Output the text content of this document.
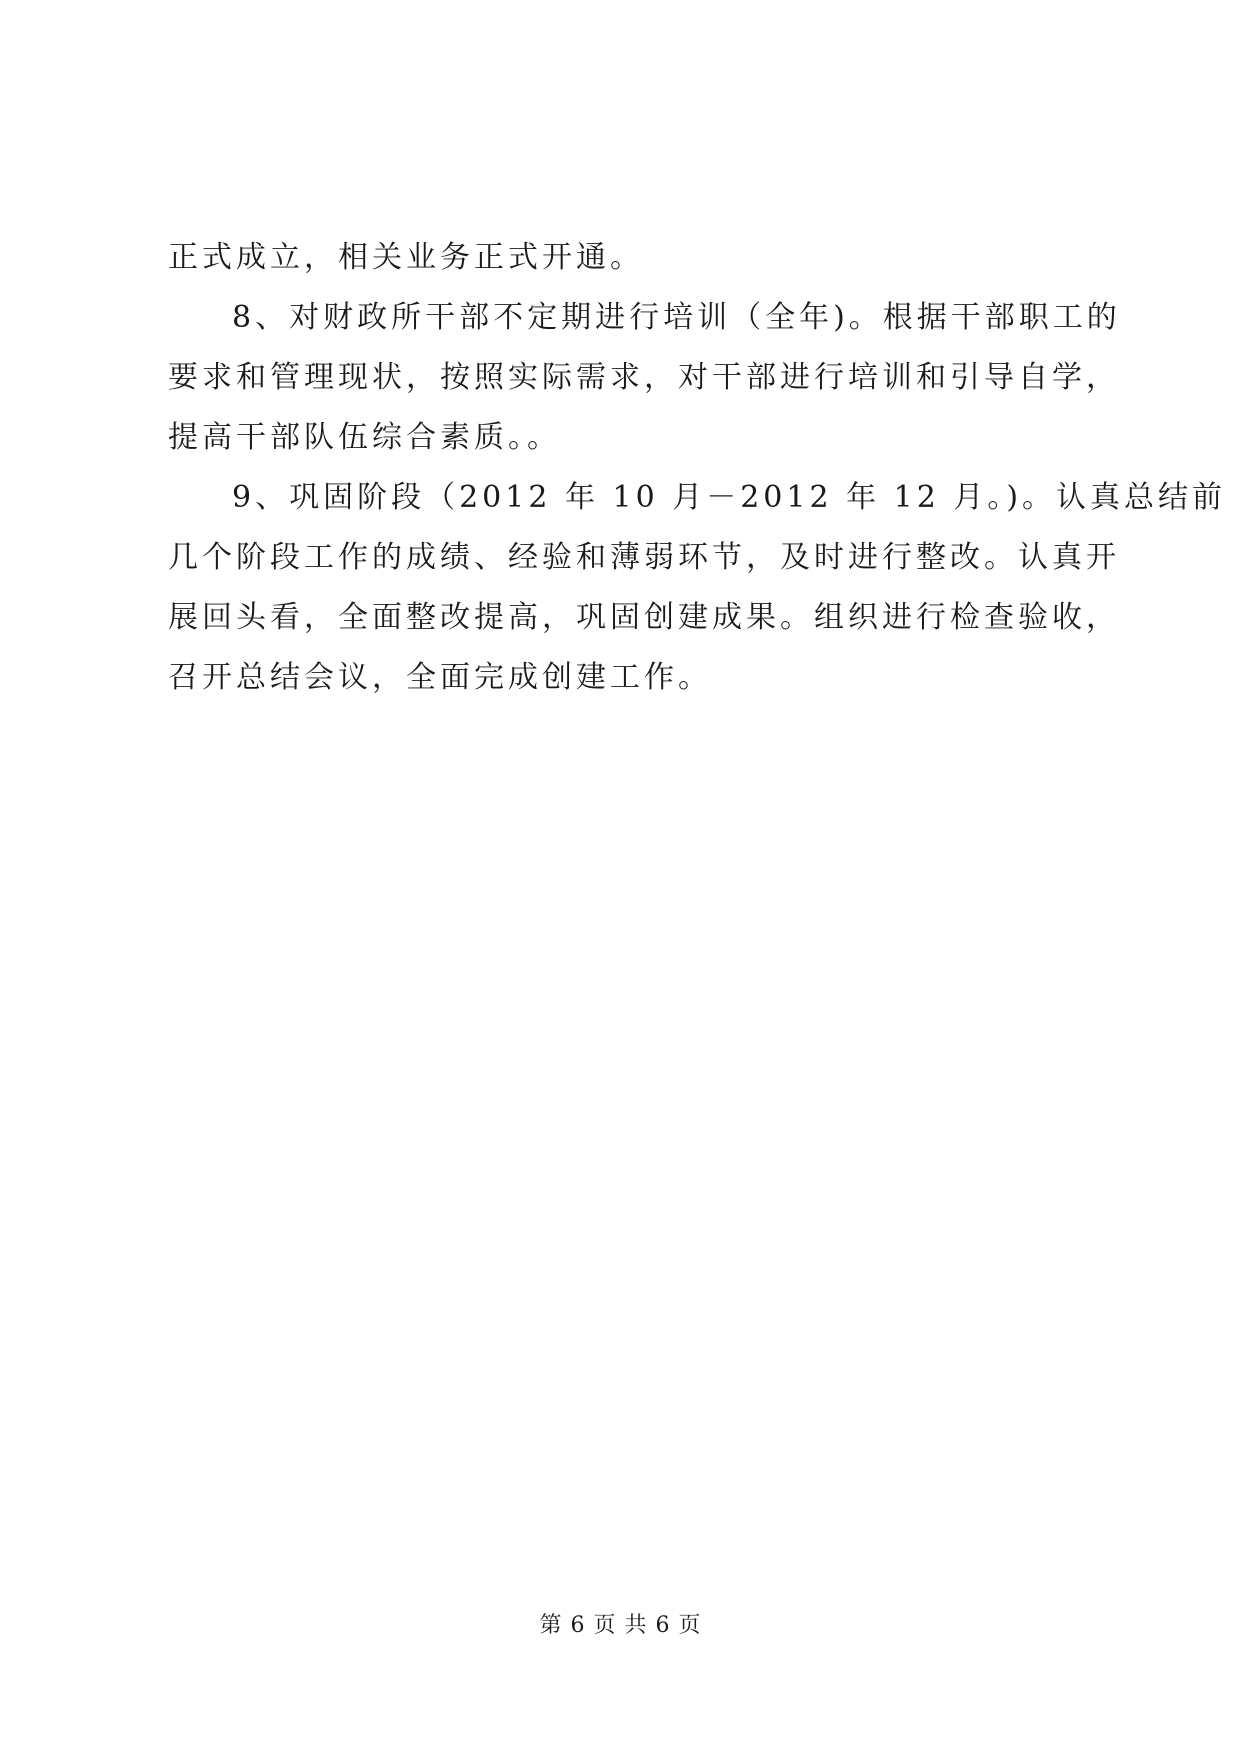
正式成立，相关业务正式开通。

8、对财政所干部不定期进行培训（全年)。根据干部职工的

要求和管理现状，按照实际需求，对干部进行培训和引导自学，

提高干部队伍综合素质。。

9、巩固阶段（2012 年 10 月－2012 年 12 月。)。认真总结前

几个阶段工作的成绩、经验和薄弱环节，及时进行整改。认真开

展回头看，全面整改提高，巩固创建成果。组织进行检查验收，

召开总结会议，全面完成创建工作。

第 6 页 共 6 页
